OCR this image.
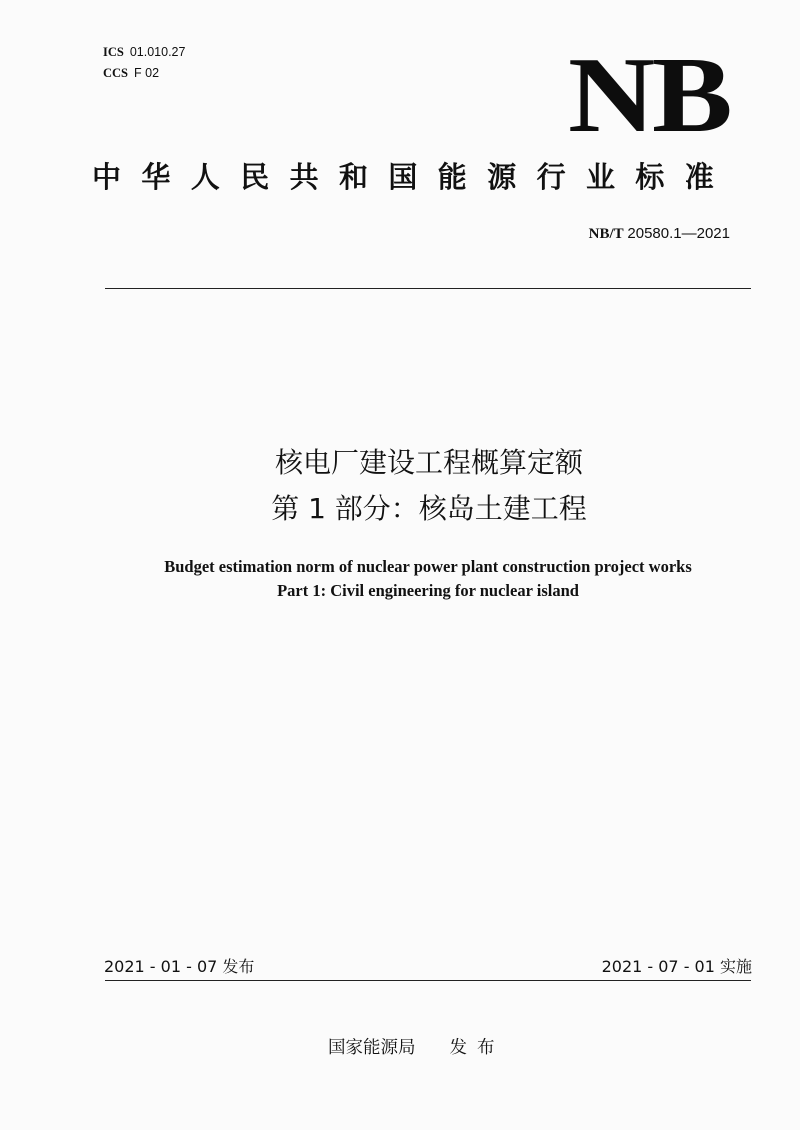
ICS 01.010.27
CCS F 02	NB
中华人民共和国能源行业标准
NB/T 20580.1—2021
核电厂建设工程概算定额
第 1 部分：核岛土建工程
Budget estimation norm of nuclear power plant construction project works
Part 1: Civil engineering for nuclear island
2021 - 01 - 07 发布	2021 - 07 - 01 实施
国家能源局 发布
